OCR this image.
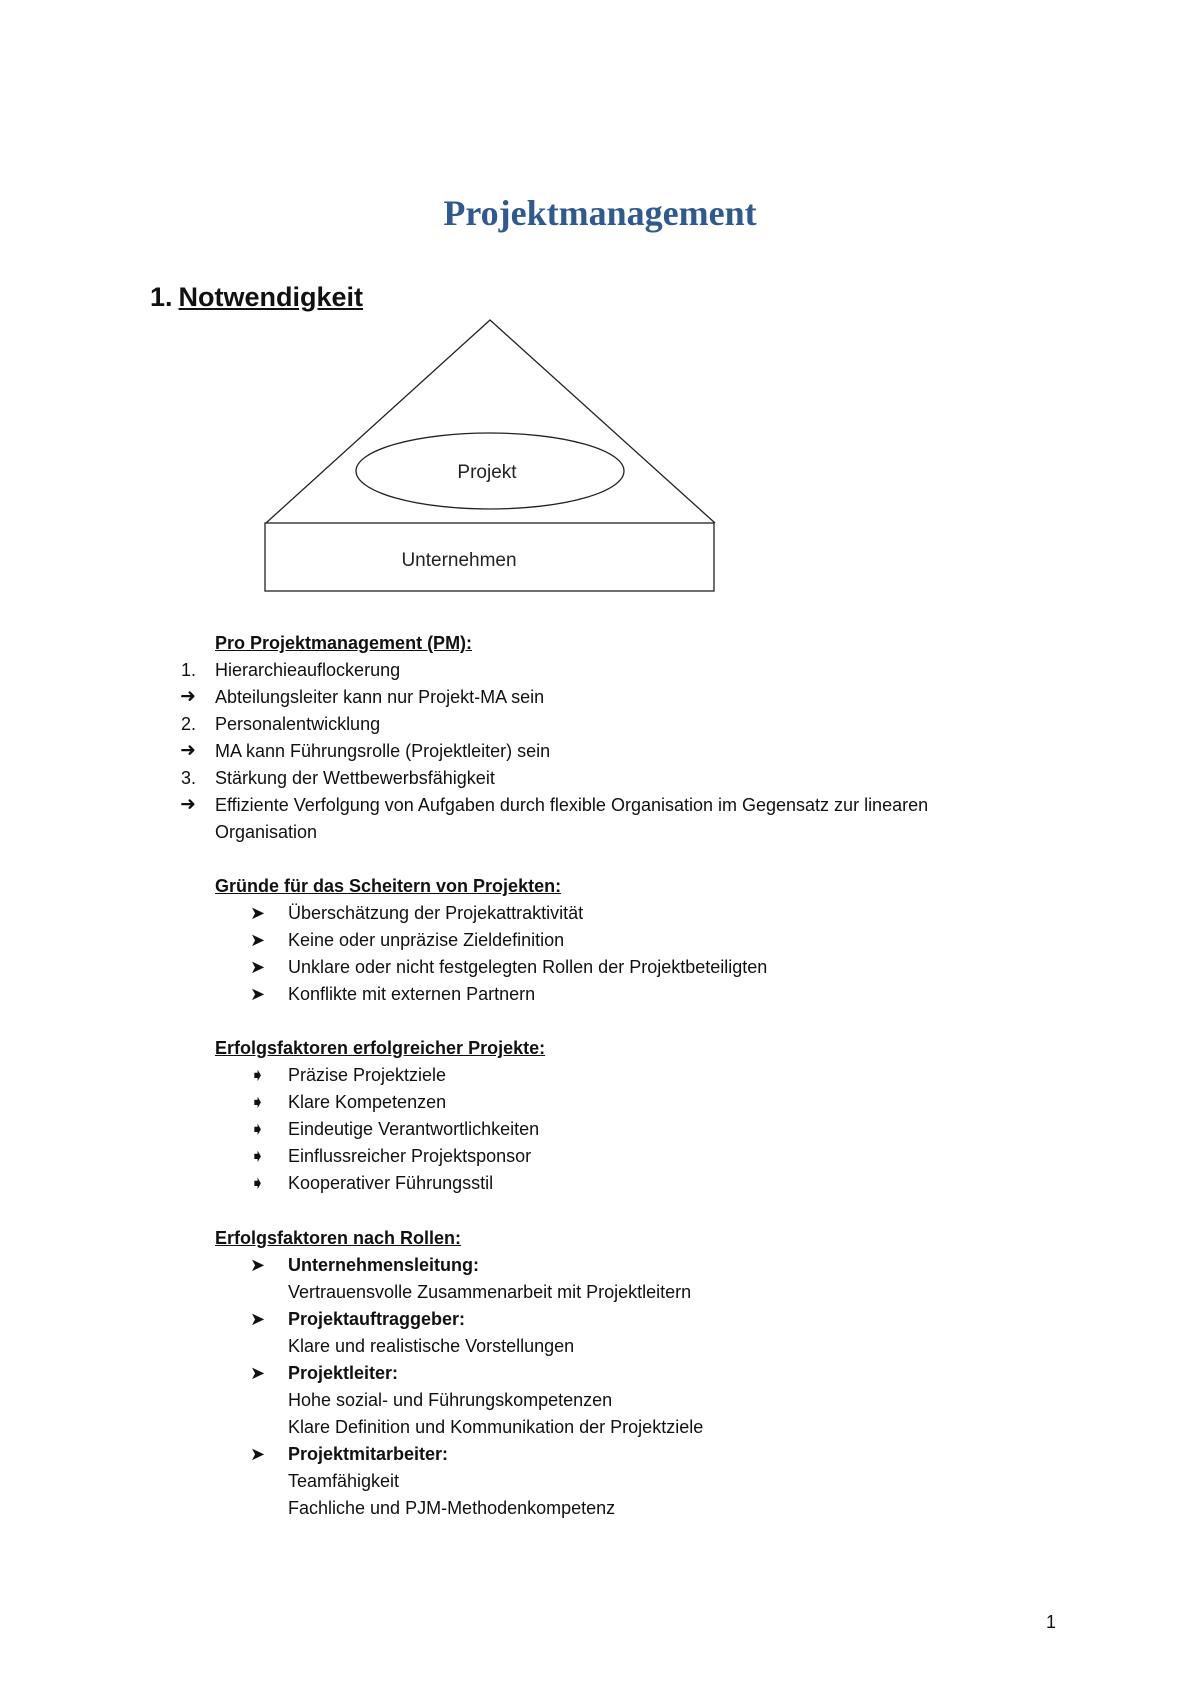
Projektmanagement
1. Notwendigkeit
Projekt
Unternehmen
Pro Projektmanagement (PM):
1. Hierarchieauflockerung
➜	Abteilungsleiter kann nur Projekt-MA sein
2. Personalentwicklung
➜	MA kann Führungsrolle (Projektleiter) sein
3. Stärkung der Wettbewerbsfähigkeit
➜	Effiziente Verfolgung von Aufgaben durch flexible Organisation im Gegensatz zur linearen
Organisation
Gründe für das Scheitern von Projekten:
➤	Überschätzung der Projekattraktivität
➤	Keine oder unpräzise Zieldefinition
➤	Unklare oder nicht festgelegten Rollen der Projektbeteiligten
➤	Konflikte mit externen Partnern
Erfolgsfaktoren erfolgreicher Projekte:
➧	Präzise Projektziele
➧	Klare Kompetenzen
➧	Eindeutige Verantwortlichkeiten
➧	Einflussreicher Projektsponsor
➧	Kooperativer Führungsstil
Erfolgsfaktoren nach Rollen:
➤	Unternehmensleitung:
Vertrauensvolle Zusammenarbeit mit Projektleitern
➤	Projektauftraggeber:
Klare und realistische Vorstellungen
➤	Projektleiter:
Hohe sozial- und Führungskompetenzen
Klare Definition und Kommunikation der Projektziele
➤	Projektmitarbeiter:
Teamfähigkeit
Fachliche und PJM-Methodenkompetenz
1
